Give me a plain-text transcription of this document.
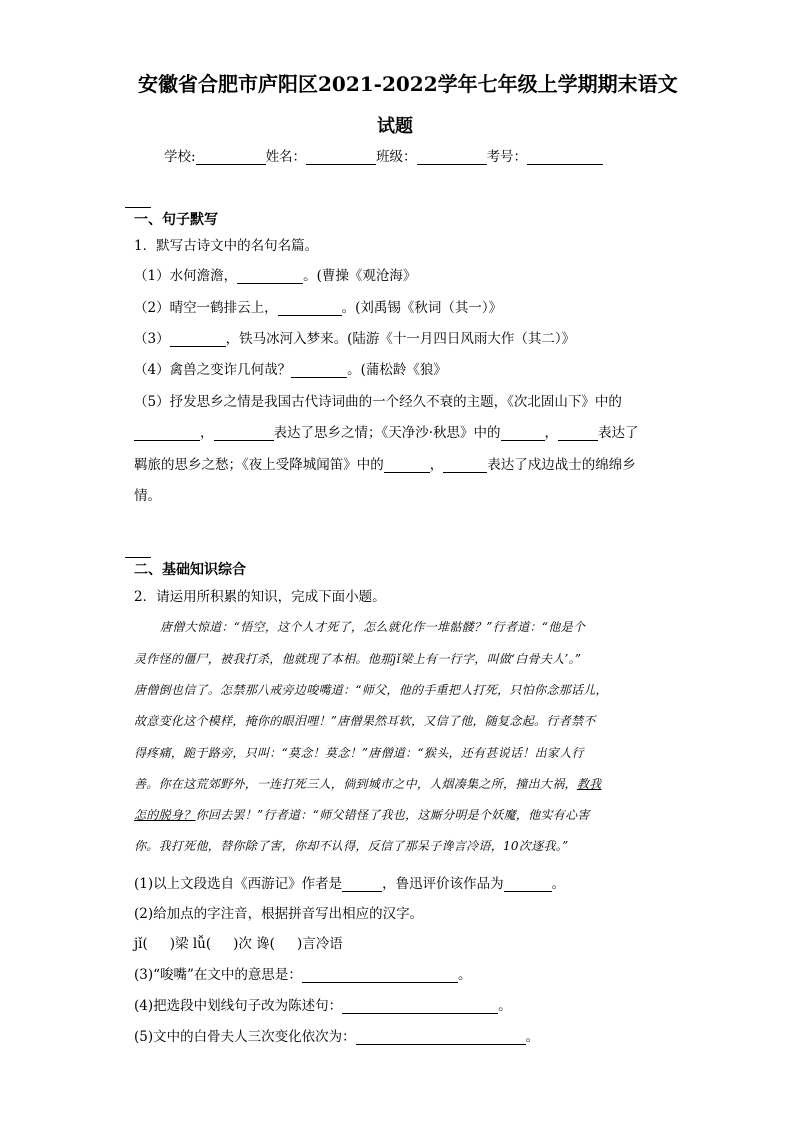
安徽省合肥市庐阳区2021-2022学年七年级上学期期末语文
试题
学校:	姓名：	班级：	考号：
一、句子默写
1．默写古诗文中的名句名篇。
（1）水何澹澹，	。(曹操《观沧海》
（2）晴空一鹤排云上，	。(刘禹锡《秋词（其一）》
（3）	，铁马冰河入梦来。(陆游《十一月四日风雨大作（其二）》
（4）禽兽之变诈几何哉？	。(蒲松龄《狼》
（5）抒发思乡之情是我国古代诗词曲的一个经久不衰的主题，《次北固山下》中的
，	表达了思乡之情；《天净沙·秋思》中的	，	表达了
羁旅的思乡之愁；《夜上受降城闻笛》中的	，	表达了戍边战士的绵绵乡
情。
二、基础知识综合
2．请运用所积累的知识，完成下面小题。
唐僧大惊道：“悟空，这个人才死了，怎么就化作一堆骷髅？”行者道：“他是个
灵作怪的僵尸，被我打杀，他就现了本相。他那jǐ梁上有一行字，叫做‘白骨夫人’。”
唐僧倒也信了。怎禁那八戒旁边唆嘴道：“师父，他的手重把人打死，只怕你念那话儿，
故意变化这个模样，掩你的眼泪哩！”唐僧果然耳软，又信了他，随复念起。行者禁不
得疼痛，跪于路旁，只叫：“莫念！莫念！”唐僧道：“猴头，还有甚说话！出家人行
善。你在这荒郊野外，一连打死三人，倘到城市之中，人烟凑集之所，撞出大祸，教我
怎的脱身？你回去罢！”行者道：“师父错怪了我也，这厮分明是个妖魔，他实有心害
你。我打死他，替你除了害，你却不认得，反信了那呆子谗言冷语，10次逐我。”
(1)以上文段选自《西游记》作者是	，鲁迅评价该作品为	。
(2)给加点的字注音，根据拼音写出相应的汉字。
jǐ( )梁 lǚ( )次 谗( )言冷语
(3)“唆嘴”在文中的意思是：	。
(4)把选段中划线句子改为陈述句：	。
(5)文中的白骨夫人三次变化依次为：	。
